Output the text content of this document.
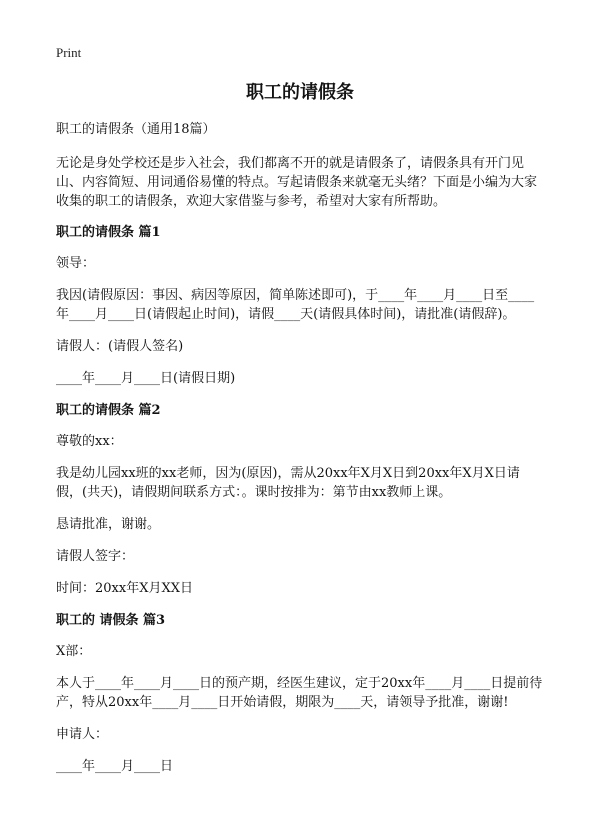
Print
职工的请假条

职工的请假条（通用18篇）

无论是身处学校还是步入社会，我们都离不开的就是请假条了，请假条具有开门见山、内容简短、用词通俗易懂的特点。写起请假条来就毫无头绪？下面是小编为大家收集的职工的请假条，欢迎大家借鉴与参考，希望对大家有所帮助。

职工的请假条 篇1

领导：

我因(请假原因：事因、病因等原因，简单陈述即可)，于____年____月____日至____年____月____日(请假起止时间)，请假____天(请假具体时间)，请批准(请假辞)。

请假人：(请假人签名)

____年____月____日(请假日期)

职工的请假条 篇2

尊敬的xx：

我是幼儿园xx班的xx老师，因为(原因)，需从20xx年X月X日到20xx年X月X日请假，(共天)，请假期间联系方式：。课时按排为：第节由xx教师上课。

恳请批准，谢谢。

请假人签字：

时间：20xx年X月XX日

职工的 请假条 篇3

X部：

本人于____年____月____日的预产期，经医生建议，定于20xx年____月____日提前待产，特从20xx年____月____日开始请假，期限为____天，请领导予批准，谢谢!

申请人：

____年____月____日
